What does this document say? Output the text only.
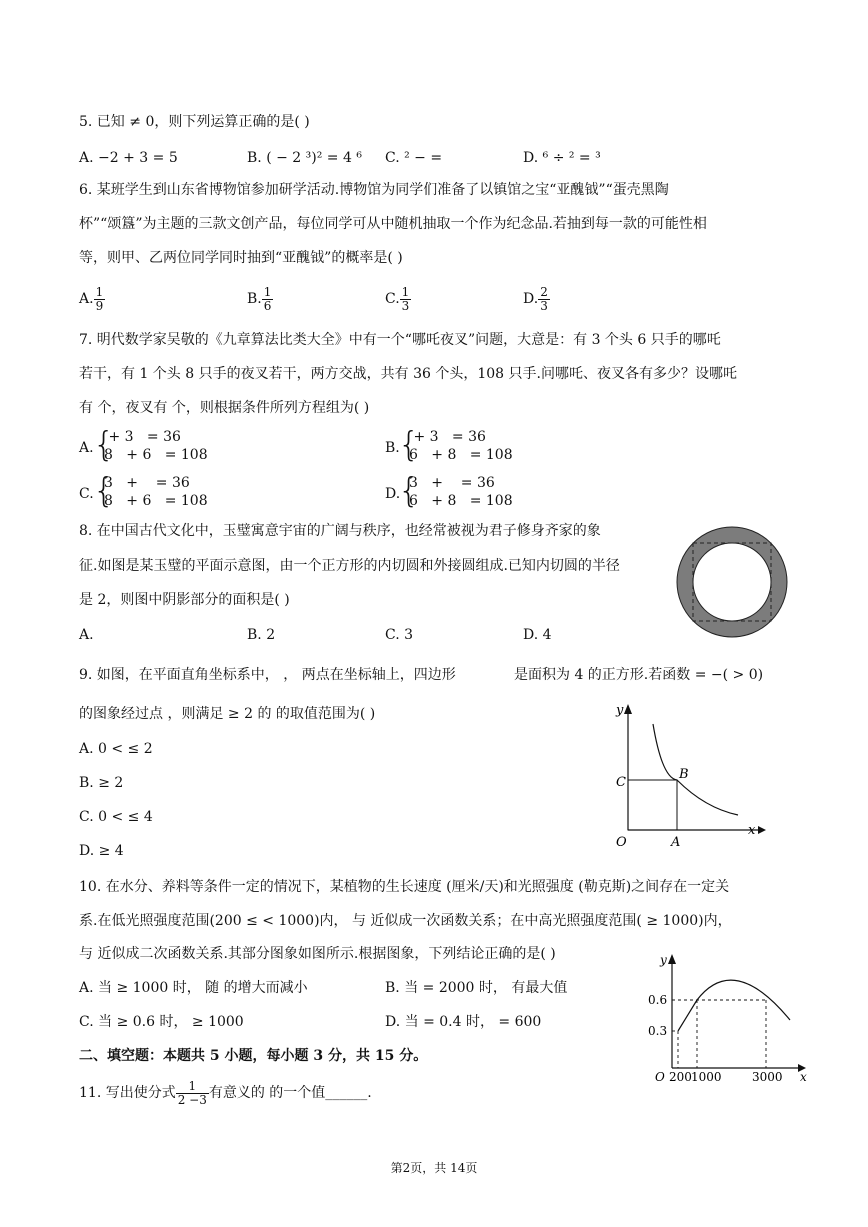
5. 已知 ≠ 0，则下列运算正确的是( )
A. −2 + 3 = 5	B. ( − 2 ³)² = 4 ⁶ C. ² − =	D. ⁶ ÷ ² = ³
6. 某班学生到山东省博物馆参加研学活动.博物馆为同学们准备了以镇馆之宝“亚醜钺”“蛋壳黑陶
杯”“颂簋”为主题的三款文创产品，每位同学可从中随机抽取一个作为纪念品.若抽到每一款的可能性相
等，则甲、乙两位同学同时抽到“亚醜钺”的概率是( )
A. $\frac{1}{9}$	B. $\frac{1}{6}$	C. $\frac{1}{3}$	D. $\frac{2}{3}$
7. 明代数学家吴敬的《九章算法比类大全》中有一个“哪吒夜叉”问题，大意是：有 3 个头 6 只手的哪吒
若干，有 1 个头 8 只手的夜叉若干，两方交战，共有 36 个头，108 只手.问哪吒、夜叉各有多少？设哪吒
有 个，夜叉有 个，则根据条件所列方程组为( )
A. {
+ 3   = 36
8   + 6   = 108	B.
{
+ 3   = 36
6   + 8   = 108
C. {
3   +    = 36
8   + 6   = 108	D.
{
3   +    = 36
6   + 8   = 108
8. 在中国古代文化中，玉璧寓意宇宙的广阔与秩序，也经常被视为君子修身齐家的象
征.如图是某玉璧的平面示意图，由一个正方形的内切圆和外接圆组成.已知内切圆的半径
是 2，则图中阴影部分的面积是( )
A.	B. 2	C. 3	D. 4
9. 如图，在平面直角坐标系中， ， 两点在坐标轴上，四边形	是面积为 4 的正方形.若函数 = −( > 0)
的图象经过点 ，则满足 ≥ 2 的 的取值范围为( )
A. 0 < ≤ 2
B. ≥ 2
C. 0 < ≤ 4
D. ≥ 4
y
x
O	A
B
C
10. 在水分、养料等条件一定的情况下，某植物的生长速度 (厘米/天)和光照强度 (勒克斯)之间存在一定关
系.在低光照强度范围(200 ≤ < 1000)内， 与 近似成一次函数关系；在中高光照强度范围( ≥ 1000)内，
与 近似成二次函数关系.其部分图象如图所示.根据图象，下列结论正确的是( )
A. 当 ≥ 1000 时， 随 的增大而减小	B. 当 = 2000 时， 有最大值
C. 当 ≥ 0.6 时， ≥ 1000	D. 当 = 0.4 时， = 600
y
x
O
0.6
0.3
200 1000	3000
二、填空题：本题共 5 小题，每小题 3 分，共 15 分。
11. 写出使分式 $\frac{1}{2 -3}$ 有意义的 的一个值______.
第2页，共 14页
